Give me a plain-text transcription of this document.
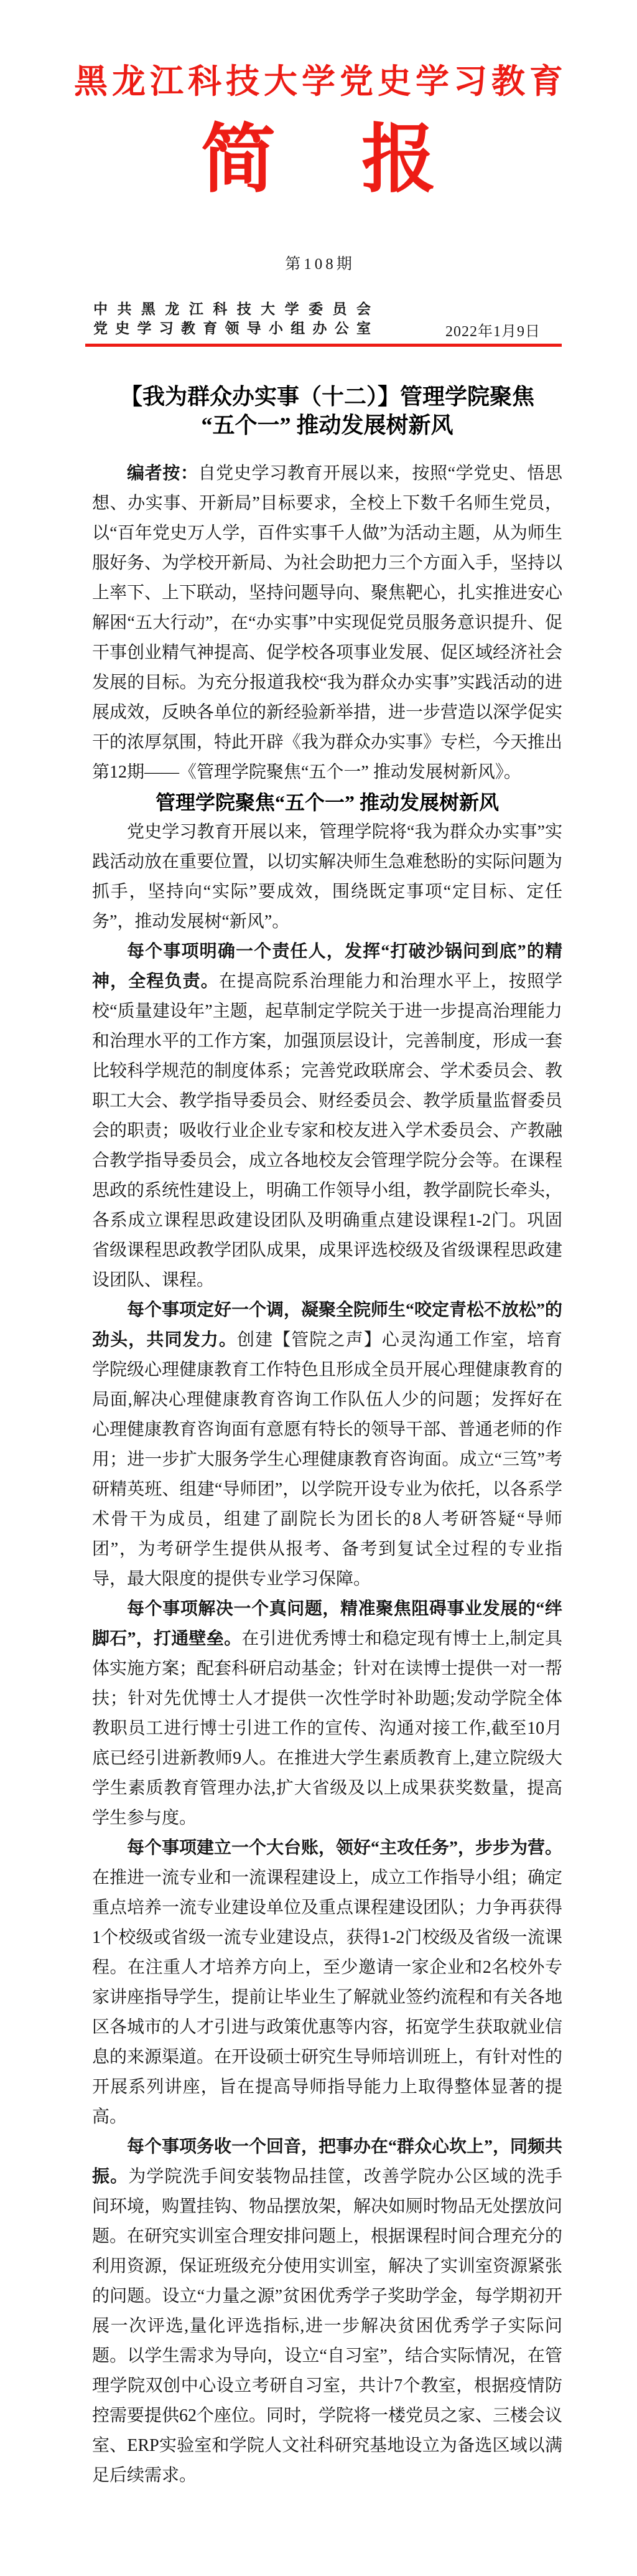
黑龙江科技大学党史学习教育
简 报
第108期
中共黑龙江科技大学委员会
党史学习教育领导小组办公室	2022年1月9日
【我为群众办实事（十二）】管理学院聚焦
“五个一” 推动发展树新风

编者按：自党史学习教育开展以来，按照“学党史、悟思想、办实事、开新局”目标要求，全校上下数千名师生党员，以“百年党史万人学，百件实事千人做”为活动主题，从为师生服好务、为学校开新局、为社会助把力三个方面入手，坚持以上率下、上下联动，坚持问题导向、聚焦靶心，扎实推进安心解困“五大行动”，在“办实事”中实现促党员服务意识提升、促干事创业精气神提高、促学校各项事业发展、促区域经济社会发展的目标。为充分报道我校“我为群众办实事”实践活动的进展成效，反映各单位的新经验新举措，进一步营造以深学促实干的浓厚氛围，特此开辟《我为群众办实事》专栏，今天推出第12期——《管理学院聚焦“五个一” 推动发展树新风》。

管理学院聚焦“五个一” 推动发展树新风

党史学习教育开展以来，管理学院将“我为群众办实事”实践活动放在重要位置，以切实解决师生急难愁盼的实际问题为抓手，坚持向“实际”要成效，围绕既定事项“定目标、定任务”，推动发展树“新风”。

每个事项明确一个责任人，发挥“打破沙锅问到底”的精神，全程负责。在提高院系治理能力和治理水平上，按照学校“质量建设年”主题，起草制定学院关于进一步提高治理能力和治理水平的工作方案，加强顶层设计，完善制度，形成一套比较科学规范的制度体系；完善党政联席会、学术委员会、教职工大会、教学指导委员会、财经委员会、教学质量监督委员会的职责；吸收行业企业专家和校友进入学术委员会、产教融合教学指导委员会，成立各地校友会管理学院分会等。在课程思政的系统性建设上，明确工作领导小组，教学副院长牵头，各系成立课程思政建设团队及明确重点建设课程1-2门。巩固省级课程思政教学团队成果，成果评选校级及省级课程思政建设团队、课程。

每个事项定好一个调，凝聚全院师生“咬定青松不放松”的劲头，共同发力。创建【管院之声】心灵沟通工作室，培育学院级心理健康教育工作特色且形成全员开展心理健康教育的局面,解决心理健康教育咨询工作队伍人少的问题；发挥好在心理健康教育咨询面有意愿有特长的领导干部、普通老师的作用；进一步扩大服务学生心理健康教育咨询面。成立“三笃”考研精英班、组建“导师团”，以学院开设专业为依托，以各系学术骨干为成员，组建了副院长为团长的8人考研答疑“导师团”，为考研学生提供从报考、备考到复试全过程的专业指导，最大限度的提供专业学习保障。

每个事项解决一个真问题，精准聚焦阻碍事业发展的“绊脚石”，打通壁垒。在引进优秀博士和稳定现有博士上,制定具体实施方案；配套科研启动基金；针对在读博士提供一对一帮扶；针对先优博士人才提供一次性学时补助题;发动学院全体教职员工进行博士引进工作的宣传、沟通对接工作,截至10月底已经引进新教师9人。在推进大学生素质教育上,建立院级大学生素质教育管理办法,扩大省级及以上成果获奖数量，提高学生参与度。

每个事项建立一个大台账，领好“主攻任务”，步步为营。在推进一流专业和一流课程建设上，成立工作指导小组；确定重点培养一流专业建设单位及重点课程建设团队；力争再获得1个校级或省级一流专业建设点，获得1-2门校级及省级一流课程。在注重人才培养方向上，至少邀请一家企业和2名校外专家讲座指导学生，提前让毕业生了解就业签约流程和有关各地区各城市的人才引进与政策优惠等内容，拓宽学生获取就业信息的来源渠道。在开设硕士研究生导师培训班上，有针对性的开展系列讲座，旨在提高导师指导能力上取得整体显著的提高。

每个事项务收一个回音，把事办在“群众心坎上”，同频共振。为学院洗手间安装物品挂筐，改善学院办公区域的洗手间环境，购置挂钩、物品摆放架，解决如厕时物品无处摆放问题。在研究实训室合理安排问题上，根据课程时间合理充分的利用资源，保证班级充分使用实训室，解决了实训室资源紧张的问题。设立“力量之源”贫困优秀学子奖助学金，每学期初开展一次评选,量化评选指标,进一步解决贫困优秀学子实际问题。以学生需求为导向，设立“自习室”，结合实际情况，在管理学院双创中心设立考研自习室，共计7个教室，根据疫情防控需要提供62个座位。同时，学院将一楼党员之家、三楼会议室、ERP实验室和学院人文社科研究基地设立为备选区域以满足后续需求。
